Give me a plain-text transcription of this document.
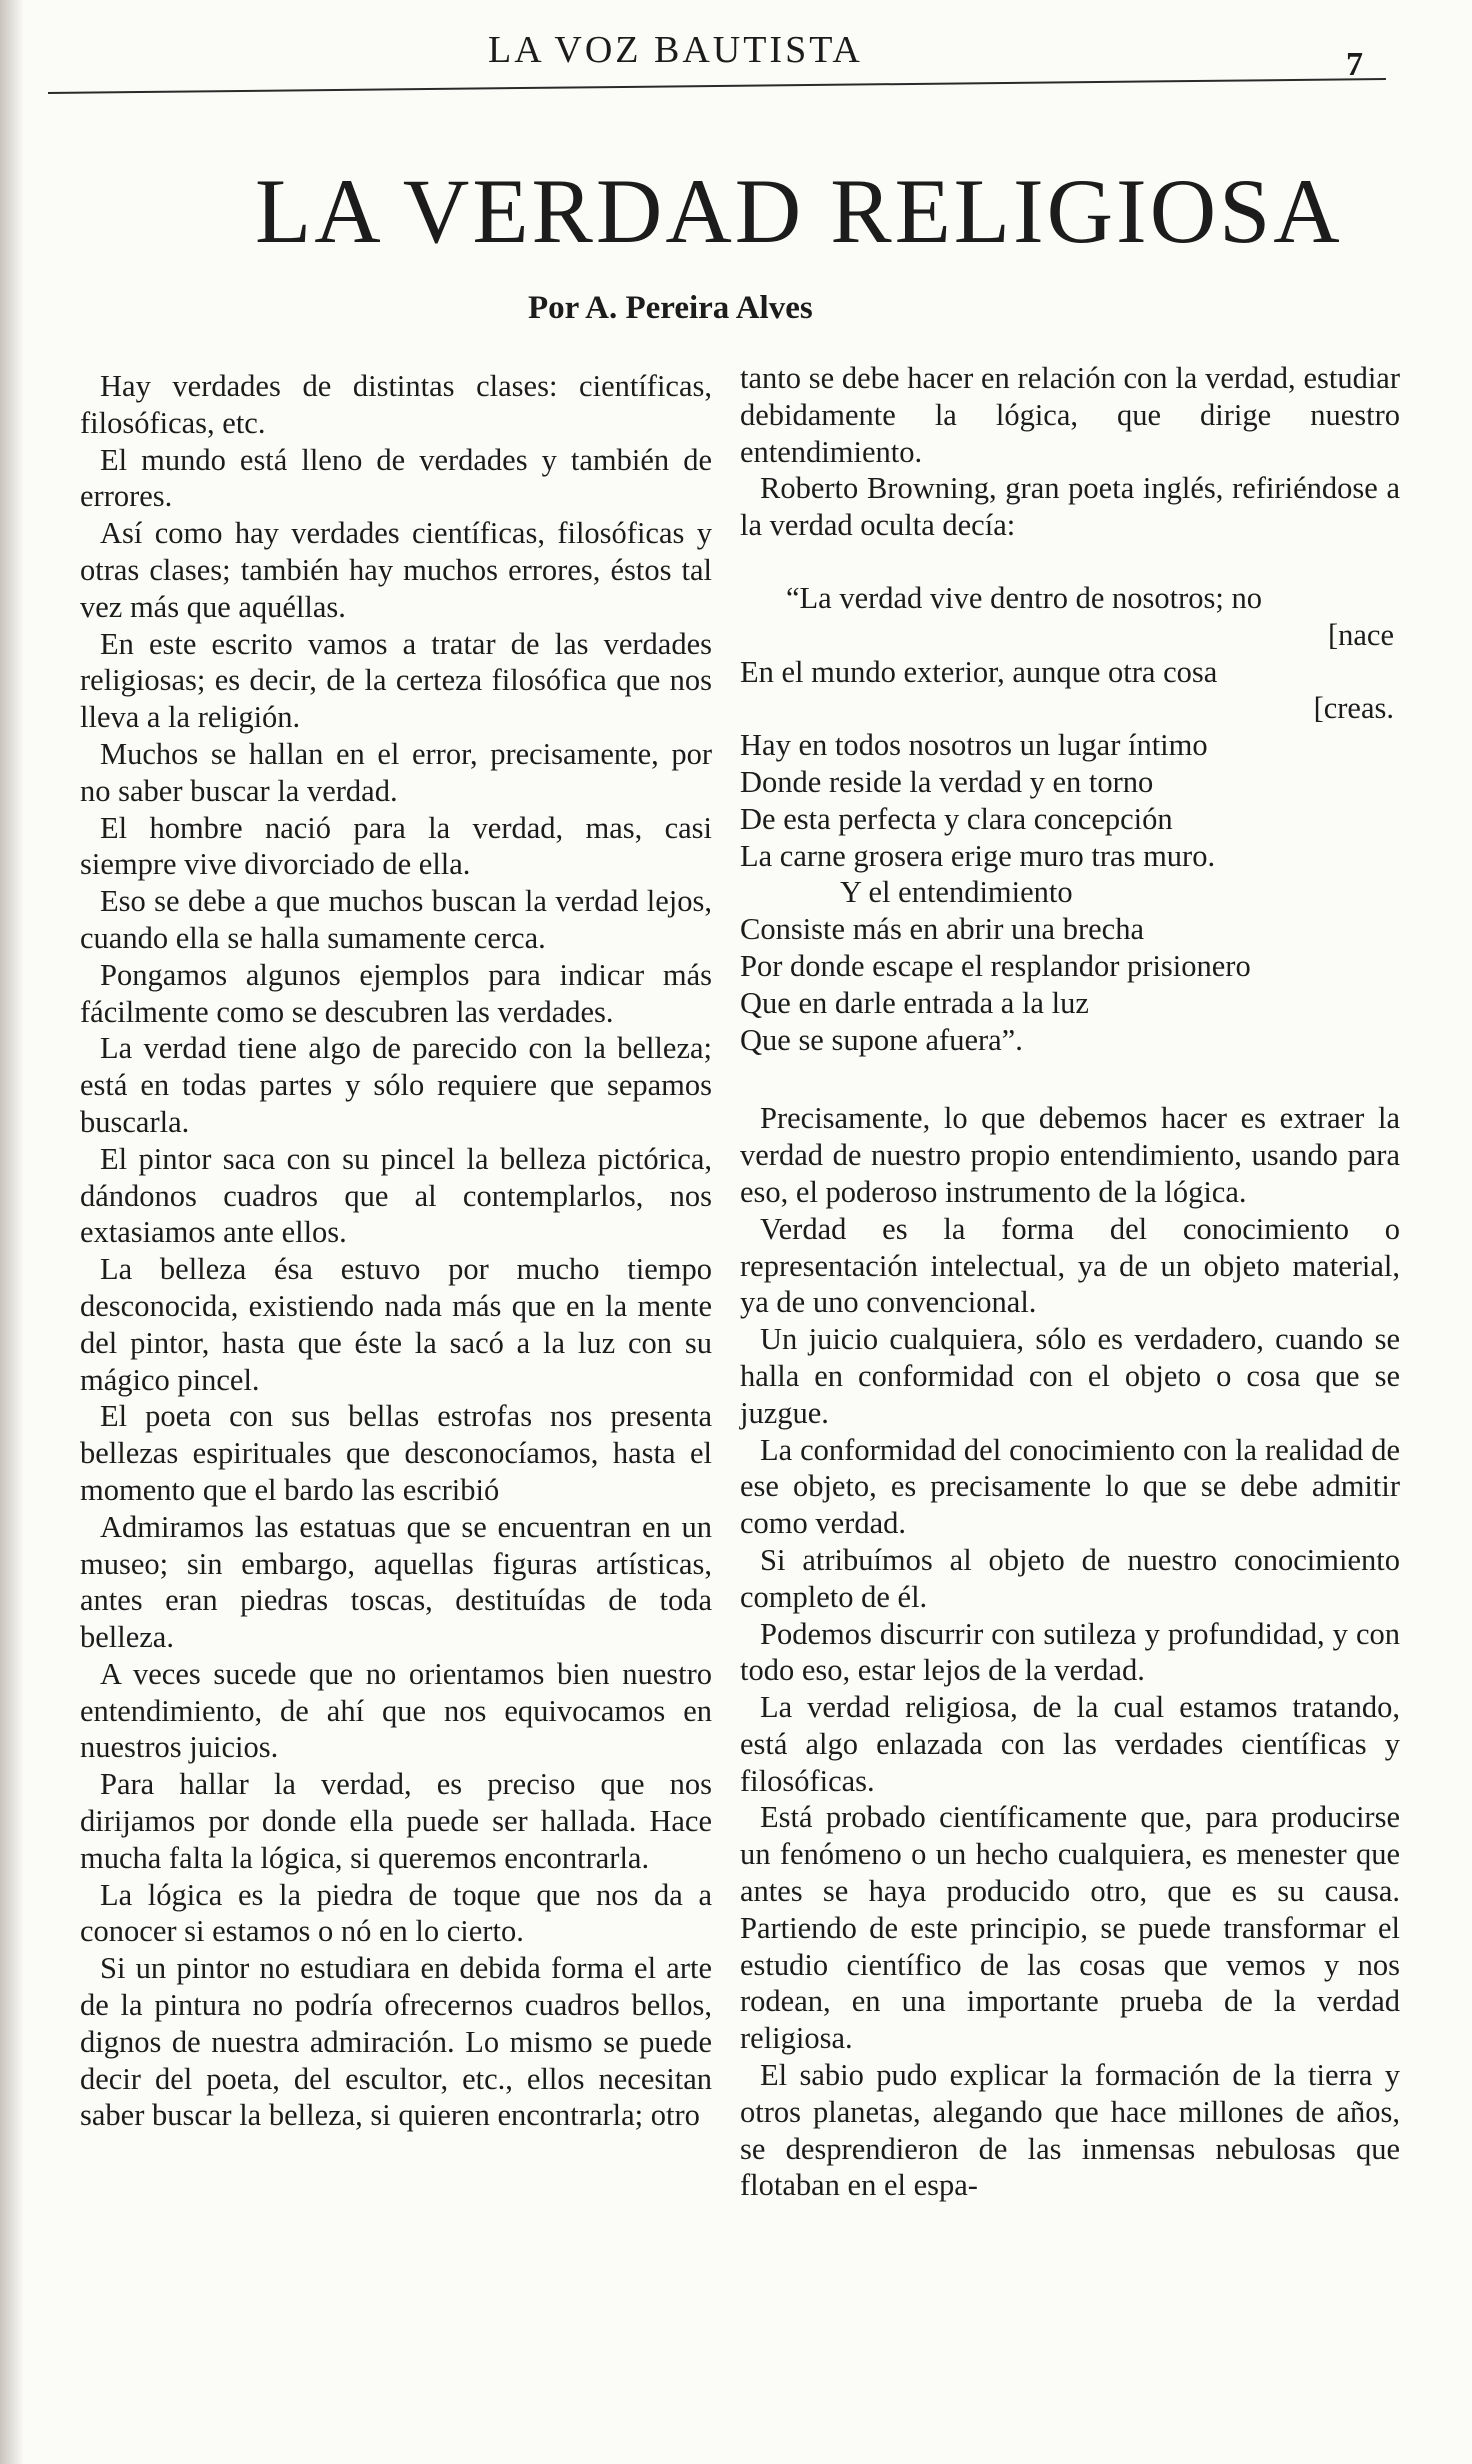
LA VOZ BAUTISTA	7
LA VERDAD RELIGIOSA
Por A. Pereira Alves

Hay verdades de distintas clases: científicas, filosóficas, etc.

El mundo está lleno de verdades y también de errores.

Así como hay verdades científicas, filosóficas y otras clases; también hay muchos errores, éstos tal vez más que aquéllas.

En este escrito vamos a tratar de las verdades religiosas; es decir, de la certeza filosófica que nos lleva a la religión.

Muchos se hallan en el error, precisamente, por no saber buscar la verdad.

El hombre nació para la verdad, mas, casi siempre vive divorciado de ella.

Eso se debe a que muchos buscan la verdad lejos, cuando ella se halla sumamente cerca.

Pongamos algunos ejemplos para indicar más fácilmente como se descubren las verdades.

La verdad tiene algo de parecido con la belleza; está en todas partes y sólo requiere que sepamos buscarla.

El pintor saca con su pincel la belleza pictórica, dándonos cuadros que al contemplarlos, nos extasiamos ante ellos.

La belleza ésa estuvo por mucho tiempo desconocida, existiendo nada más que en la mente del pintor, hasta que éste la sacó a la luz con su mágico pincel.

El poeta con sus bellas estrofas nos presenta bellezas espirituales que desconocíamos, hasta el momento que el bardo las escribió

Admiramos las estatuas que se encuentran en un museo; sin embargo, aquellas figuras artísticas, antes eran piedras toscas, destituídas de toda belleza.

A veces sucede que no orientamos bien nuestro entendimiento, de ahí que nos equivocamos en nuestros juicios.

Para hallar la verdad, es preciso que nos dirijamos por donde ella puede ser hallada. Hace mucha falta la lógica, si queremos encontrarla.

La lógica es la piedra de toque que nos da a conocer si estamos o nó en lo cierto.

Si un pintor no estudiara en debida forma el arte de la pintura no podría ofrecernos cuadros bellos, dignos de nuestra admiración. Lo mismo se puede decir del poeta, del escultor, etc., ellos necesitan saber buscar la belleza, si quieren encontrarla; otro

tanto se debe hacer en relación con la verdad, estudiar debidamente la lógica, que dirige nuestro entendimiento.

Roberto Browning, gran poeta inglés, refiriéndose a la verdad oculta decía:

“La verdad vive dentro de nosotros; no
[nace
En el mundo exterior, aunque otra cosa
[creas.
Hay en todos nosotros un lugar íntimo
Donde reside la verdad y en torno
De esta perfecta y clara concepción
La carne grosera erige muro tras muro.
Y el entendimiento
Consiste más en abrir una brecha
Por donde escape el resplandor prisionero
Que en darle entrada a la luz
Que se supone afuera”.

Precisamente, lo que debemos hacer es extraer la verdad de nuestro propio entendimiento, usando para eso, el poderoso instrumento de la lógica.

Verdad es la forma del conocimiento o representación intelectual, ya de un objeto material, ya de uno convencional.

Un juicio cualquiera, sólo es verdadero, cuando se halla en conformidad con el objeto o cosa que se juzgue.

La conformidad del conocimiento con la realidad de ese objeto, es precisamente lo que se debe admitir como verdad.

Si atribuímos al objeto de nuestro conocimiento completo de él.

Podemos discurrir con sutileza y profundidad, y con todo eso, estar lejos de la verdad.

La verdad religiosa, de la cual estamos tratando, está algo enlazada con las verdades científicas y filosóficas.

Está probado científicamente que, para producirse un fenómeno o un hecho cualquiera, es menester que antes se haya producido otro, que es su causa. Partiendo de este principio, se puede transformar el estudio científico de las cosas que vemos y nos rodean, en una importante prueba de la verdad religiosa.

El sabio pudo explicar la formación de la tierra y otros planetas, alegando que hace millones de años, se desprendieron de las inmensas nebulosas que flotaban en el espa-
